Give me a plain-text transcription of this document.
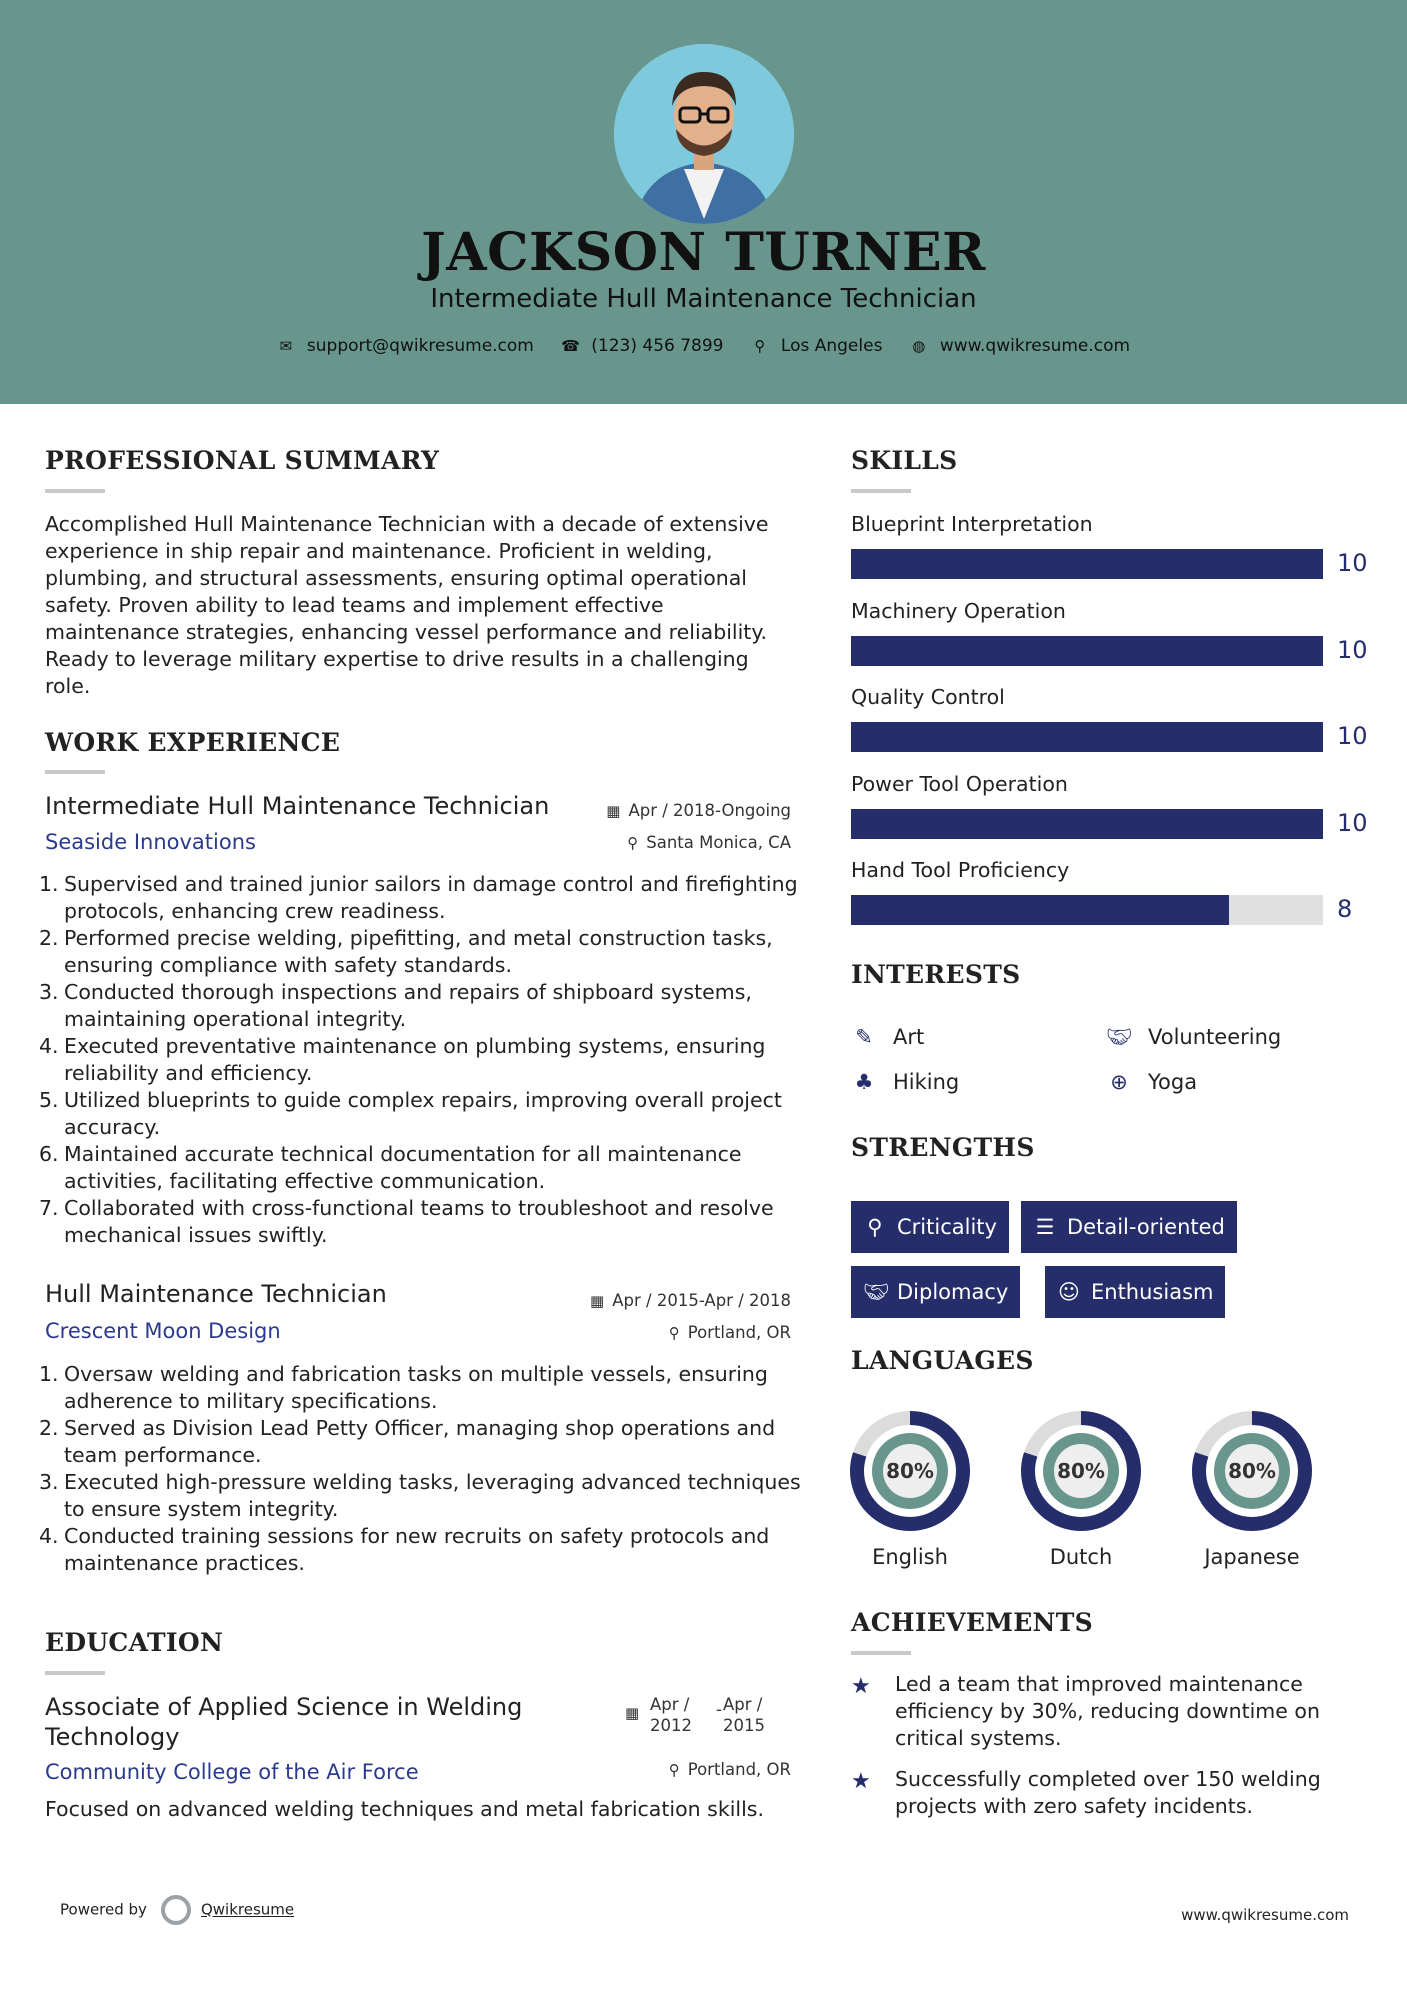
JACKSON TURNER
Intermediate Hull Maintenance Technician
✉ support@qwikresume.com ☎ (123) 456 7899 ⚲ Los Angeles ◍ www.qwikresume.com
PROFESSIONAL SUMMARY
Accomplished Hull Maintenance Technician with a decade of extensive experience in ship repair and maintenance. Proficient in welding, plumbing, and structural assessments, ensuring optimal operational safety. Proven ability to lead teams and implement effective maintenance strategies, enhancing vessel performance and reliability. Ready to leverage military expertise to drive results in a challenging role.
WORK EXPERIENCE
Intermediate Hull Maintenance Technician	▦ Apr / 2018-Ongoing
Seaside Innovations	⚲ Santa Monica, CA
1. Supervised and trained junior sailors in damage control and firefighting protocols, enhancing crew readiness.
2. Performed precise welding, pipefitting, and metal construction tasks, ensuring compliance with safety standards.
3. Conducted thorough inspections and repairs of shipboard systems, maintaining operational integrity.
4. Executed preventative maintenance on plumbing systems, ensuring reliability and efficiency.
5. Utilized blueprints to guide complex repairs, improving overall project accuracy.
6. Maintained accurate technical documentation for all maintenance activities, facilitating effective communication.
7. Collaborated with cross-functional teams to troubleshoot and resolve mechanical issues swiftly.
Hull Maintenance Technician	▦ Apr / 2015-Apr / 2018
Crescent Moon Design	⚲ Portland, OR
1. Oversaw welding and fabrication tasks on multiple vessels, ensuring adherence to military specifications.
2. Served as Division Lead Petty Officer, managing shop operations and team performance.
3. Executed high-pressure welding tasks, leveraging advanced techniques to ensure system integrity.
4. Conducted training sessions for new recruits on safety protocols and maintenance practices.
EDUCATION
Associate of Applied Science in Welding Technology
▦ Apr /
2012
- Apr /
2015
Community College of the Air Force	⚲ Portland, OR
Focused on advanced welding techniques and metal fabrication skills.
SKILLS
Blueprint Interpretation
10
Machinery Operation
10
Quality Control
10
Power Tool Operation
10
Hand Tool Proficiency
8
INTERESTS
✎ Art	🤝︎ Volunteering
♣ Hiking	⊕ Yoga
STRENGTHS
⚲ Criticality	☰ Detail-oriented
🤝︎ Diplomacy	☺ Enthusiasm
LANGUAGES
80%
English
80%
Dutch
80%
Japanese
ACHIEVEMENTS
★	Led a team that improved maintenance efficiency by 30%, reducing downtime on critical systems.
★	Successfully completed over 150 welding projects with zero safety incidents.
Powered by	Qwikresume	www.qwikresume.com
